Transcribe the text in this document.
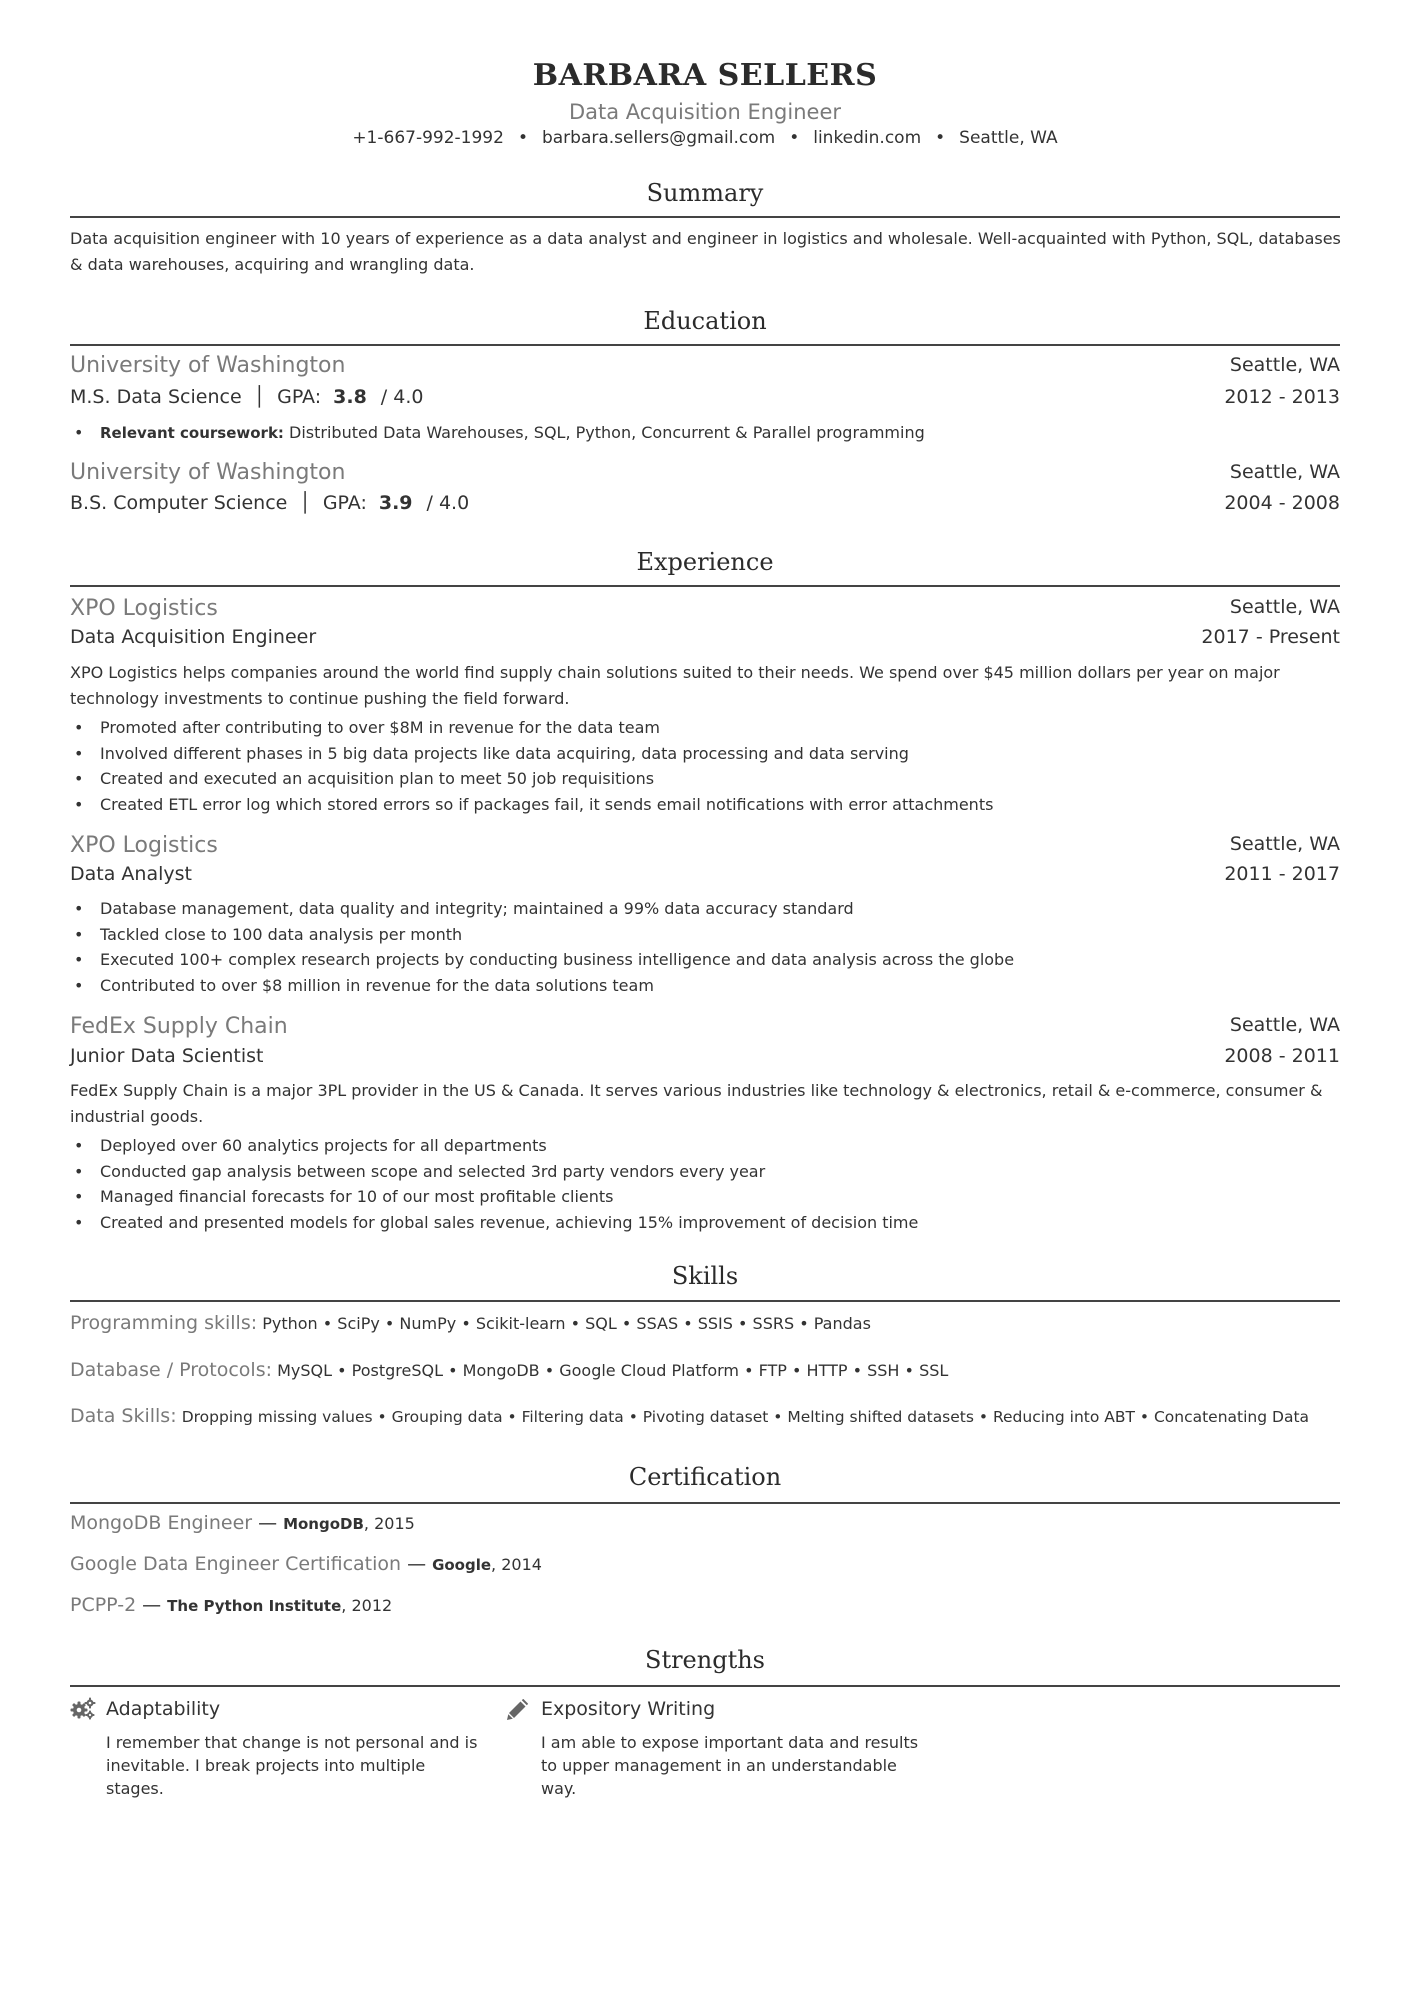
BARBARA SELLERS
Data Acquisition Engineer
+1-667-992-1992 • barbara.sellers@gmail.com • linkedin.com • Seattle, WA
Summary
Data acquisition engineer with 10 years of experience as a data analyst and engineer in logistics and wholesale. Well-acquainted with Python, SQL, databases & data warehouses, acquiring and wrangling data.
Education
University of Washington	Seattle, WA
M.S. Data Science │ GPA: 3.8 / 4.0	2012 - 2013
• Relevant coursework: Distributed Data Warehouses, SQL, Python, Concurrent & Parallel programming
University of Washington	Seattle, WA
B.S. Computer Science │ GPA: 3.9 / 4.0	2004 - 2008
Experience
XPO Logistics	Seattle, WA
Data Acquisition Engineer	2017 - Present
XPO Logistics helps companies around the world find supply chain solutions suited to their needs. We spend over $45 million dollars per year on major technology investments to continue pushing the field forward.
• Promoted after contributing to over $8M in revenue for the data team
• Involved different phases in 5 big data projects like data acquiring, data processing and data serving
• Created and executed an acquisition plan to meet 50 job requisitions
• Created ETL error log which stored errors so if packages fail, it sends email notifications with error attachments
XPO Logistics	Seattle, WA
Data Analyst	2011 - 2017
• Database management, data quality and integrity; maintained a 99% data accuracy standard
• Tackled close to 100 data analysis per month
• Executed 100+ complex research projects by conducting business intelligence and data analysis across the globe
• Contributed to over $8 million in revenue for the data solutions team
FedEx Supply Chain	Seattle, WA
Junior Data Scientist	2008 - 2011
FedEx Supply Chain is a major 3PL provider in the US & Canada. It serves various industries like technology & electronics, retail & e-commerce, consumer & industrial goods.
• Deployed over 60 analytics projects for all departments
• Conducted gap analysis between scope and selected 3rd party vendors every year
• Managed financial forecasts for 10 of our most profitable clients
• Created and presented models for global sales revenue, achieving 15% improvement of decision time
Skills
Programming skills: Python • SciPy • NumPy • Scikit-learn • SQL • SSAS • SSIS • SSRS • Pandas
Database / Protocols: MySQL • PostgreSQL • MongoDB • Google Cloud Platform • FTP • HTTP • SSH • SSL
Data Skills: Dropping missing values • Grouping data • Filtering data • Pivoting dataset • Melting shifted datasets • Reducing into ABT • Concatenating Data
Certification
MongoDB Engineer — MongoDB, 2015
Google Data Engineer Certification — Google, 2014
PCPP-2 — The Python Institute, 2012
Strengths
Adaptability
I remember that change is not personal and is inevitable. I break projects into multiple stages.
Expository Writing
I am able to expose important data and results to upper management in an understandable way.
